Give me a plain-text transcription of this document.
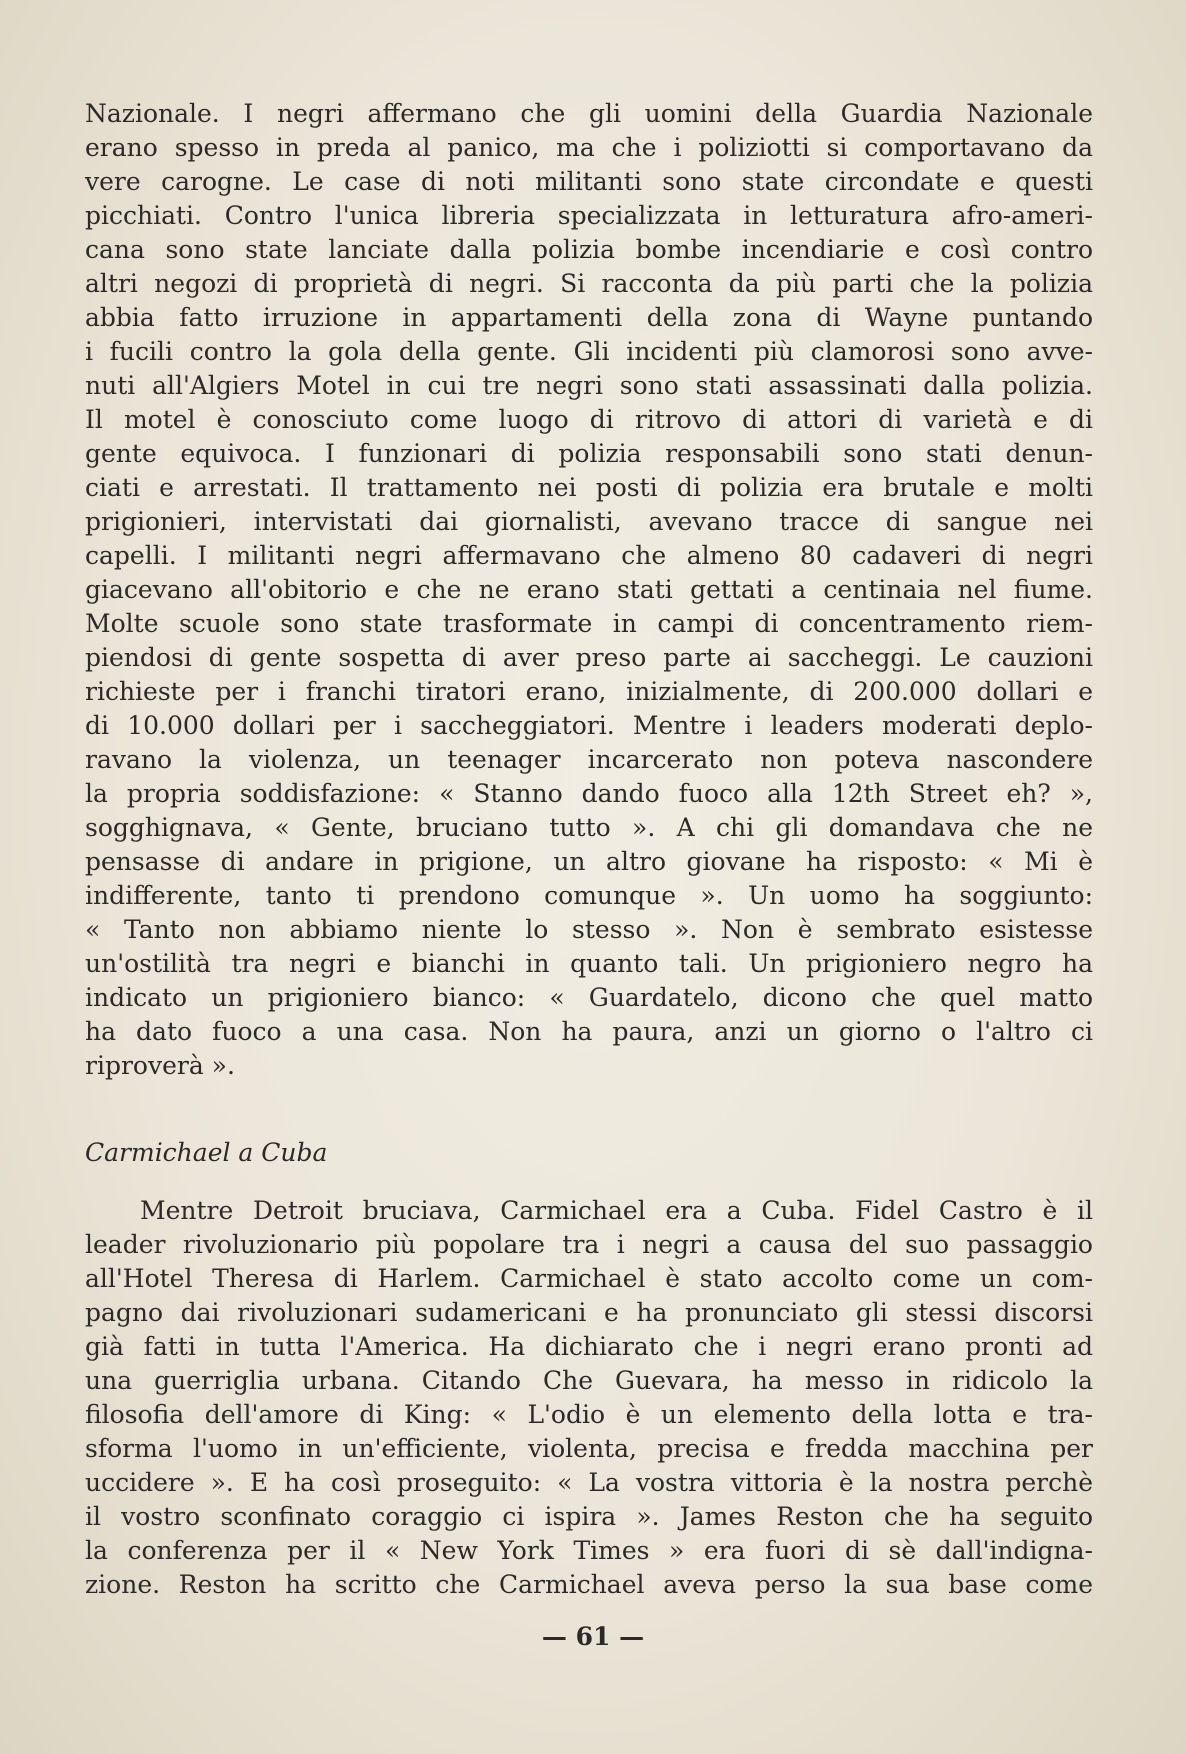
Nazionale. I negri affermano che gli uomini della Guardia Nazionale
erano spesso in preda al panico, ma che i poliziotti si comportavano da
vere carogne. Le case di noti militanti sono state circondate e questi
picchiati. Contro l'unica libreria specializzata in letturatura afro-ameri-
cana sono state lanciate dalla polizia bombe incendiarie e così contro
altri negozi di proprietà di negri. Si racconta da più parti che la polizia
abbia fatto irruzione in appartamenti della zona di Wayne puntando
i fucili contro la gola della gente. Gli incidenti più clamorosi sono avve-
nuti all'Algiers Motel in cui tre negri sono stati assassinati dalla polizia.
Il motel è conosciuto come luogo di ritrovo di attori di varietà e di
gente equivoca. I funzionari di polizia responsabili sono stati denun-
ciati e arrestati. Il trattamento nei posti di polizia era brutale e molti
prigionieri, intervistati dai giornalisti, avevano tracce di sangue nei
capelli. I militanti negri affermavano che almeno 80 cadaveri di negri
giacevano all'obitorio e che ne erano stati gettati a centinaia nel fiume.
Molte scuole sono state trasformate in campi di concentramento riem-
piendosi di gente sospetta di aver preso parte ai saccheggi. Le cauzioni
richieste per i franchi tiratori erano, inizialmente, di 200.000 dollari e
di 10.000 dollari per i saccheggiatori. Mentre i leaders moderati deplo-
ravano la violenza, un teenager incarcerato non poteva nascondere
la propria soddisfazione: « Stanno dando fuoco alla 12th Street eh? »,
sogghignava, « Gente, bruciano tutto ». A chi gli domandava che ne
pensasse di andare in prigione, un altro giovane ha risposto: « Mi è
indifferente, tanto ti prendono comunque ». Un uomo ha soggiunto:
« Tanto non abbiamo niente lo stesso ». Non è sembrato esistesse
un'ostilità tra negri e bianchi in quanto tali. Un prigioniero negro ha
indicato un prigioniero bianco: « Guardatelo, dicono che quel matto
ha dato fuoco a una casa. Non ha paura, anzi un giorno o l'altro ci
riproverà ».
Carmichael a Cuba
Mentre Detroit bruciava, Carmichael era a Cuba. Fidel Castro è il
leader rivoluzionario più popolare tra i negri a causa del suo passaggio
all'Hotel Theresa di Harlem. Carmichael è stato accolto come un com-
pagno dai rivoluzionari sudamericani e ha pronunciato gli stessi discorsi
già fatti in tutta l'America. Ha dichiarato che i negri erano pronti ad
una guerriglia urbana. Citando Che Guevara, ha messo in ridicolo la
filosofia dell'amore di King: « L'odio è un elemento della lotta e tra-
sforma l'uomo in un'efficiente, violenta, precisa e fredda macchina per
uccidere ». E ha così proseguito: « La vostra vittoria è la nostra perchè
il vostro sconfinato coraggio ci ispira ». James Reston che ha seguito
la conferenza per il « New York Times » era fuori di sè dall'indigna-
zione. Reston ha scritto che Carmichael aveva perso la sua base come
— 61 —
